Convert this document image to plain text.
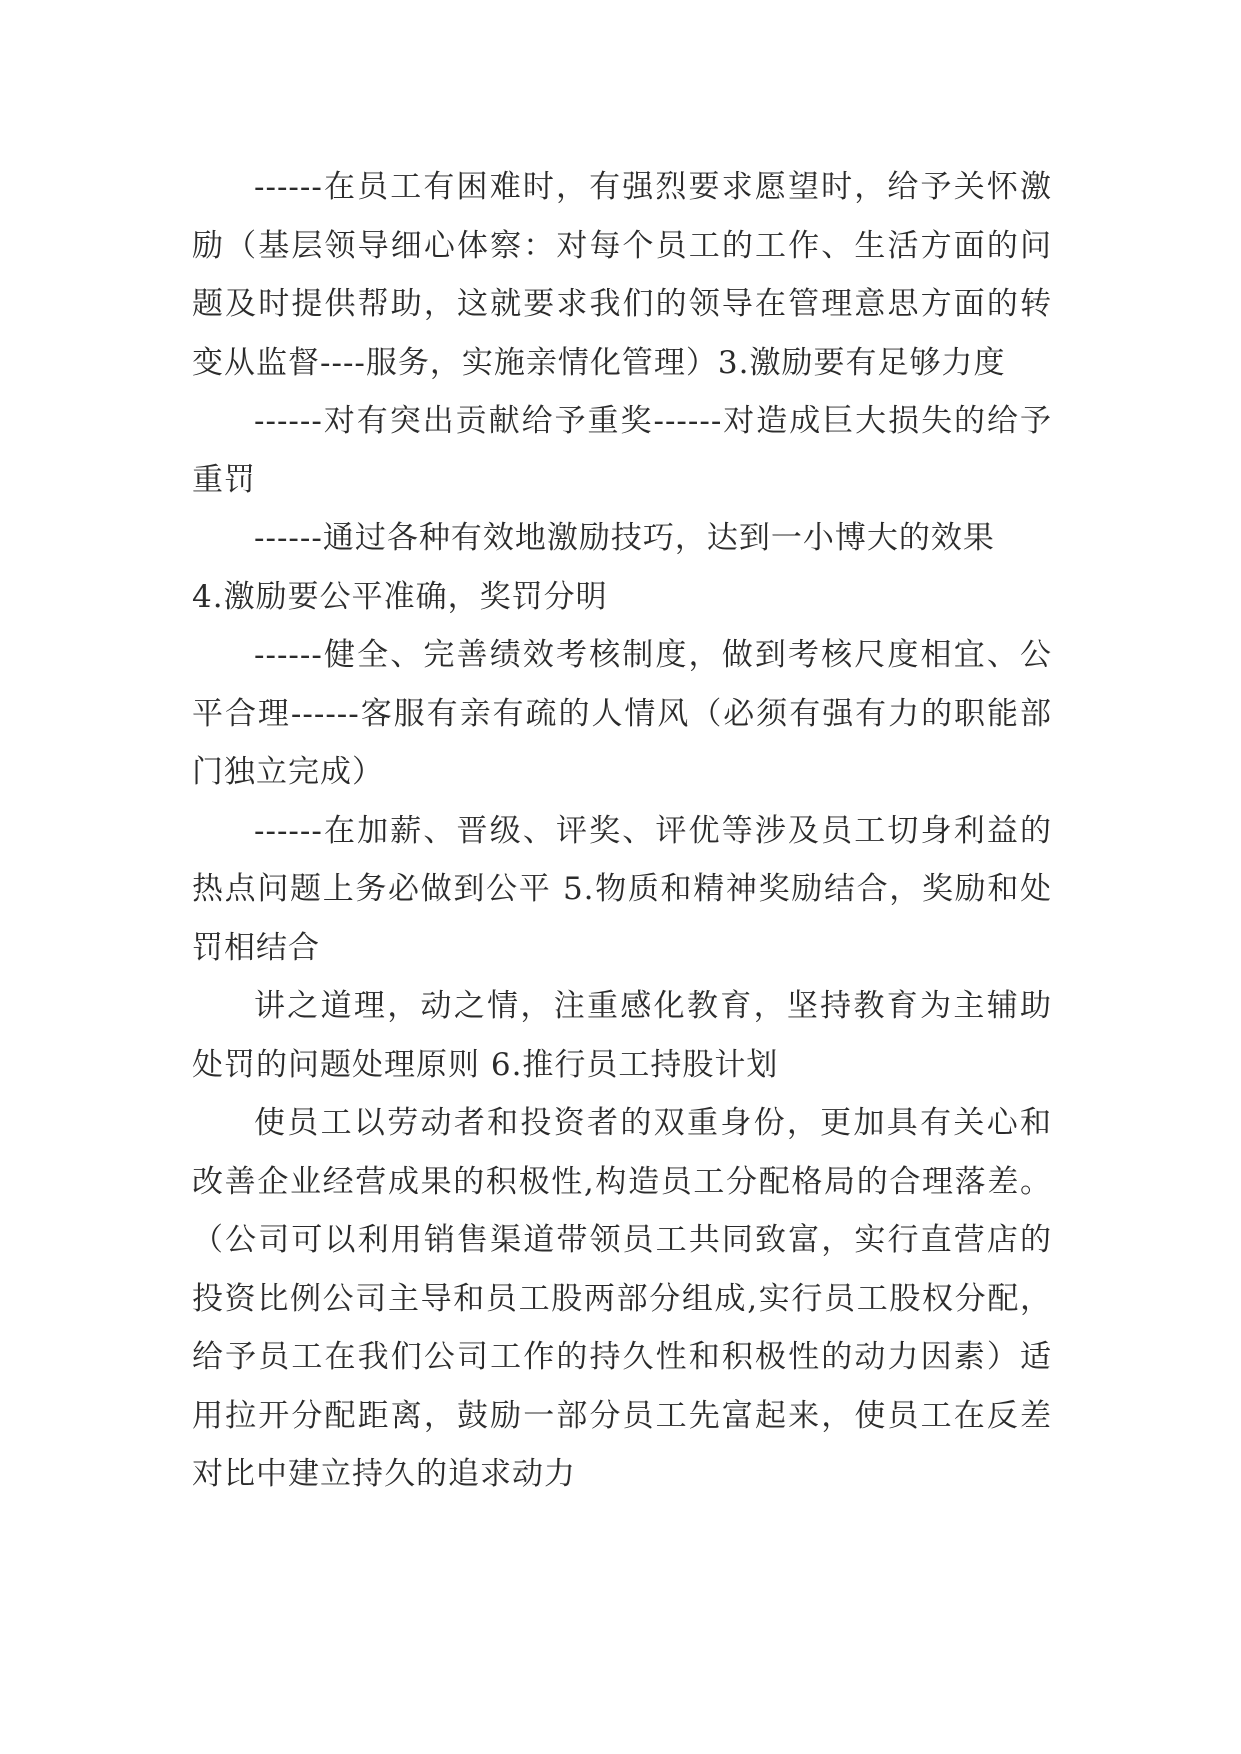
------在员工有困难时，有强烈要求愿望时，给予关怀激励（基层领导细心体察：对每个员工的工作、生活方面的问题及时提供帮助，这就要求我们的领导在管理意思方面的转变从监督----服务，实施亲情化管理）3.激励要有足够力度

------对有突出贡献给予重奖------对造成巨大损失的给予重罚

------通过各种有效地激励技巧，达到一小博大的效果

4.激励要公平准确，奖罚分明

------健全、完善绩效考核制度，做到考核尺度相宜、公平合理------客服有亲有疏的人情风（必须有强有力的职能部门独立完成）

------在加薪、晋级、评奖、评优等涉及员工切身利益的热点问题上务必做到公平 5.物质和精神奖励结合，奖励和处罚相结合

讲之道理，动之情，注重感化教育，坚持教育为主辅助处罚的问题处理原则 6.推行员工持股计划

使员工以劳动者和投资者的双重身份，更加具有关心和改善企业经营成果的积极性,构造员工分配格局的合理落差。（公司可以利用销售渠道带领员工共同致富，实行直营店的投资比例公司主导和员工股两部分组成,实行员工股权分配，给予员工在我们公司工作的持久性和积极性的动力因素）适用拉开分配距离，鼓励一部分员工先富起来，使员工在反差对比中建立持久的追求动力
